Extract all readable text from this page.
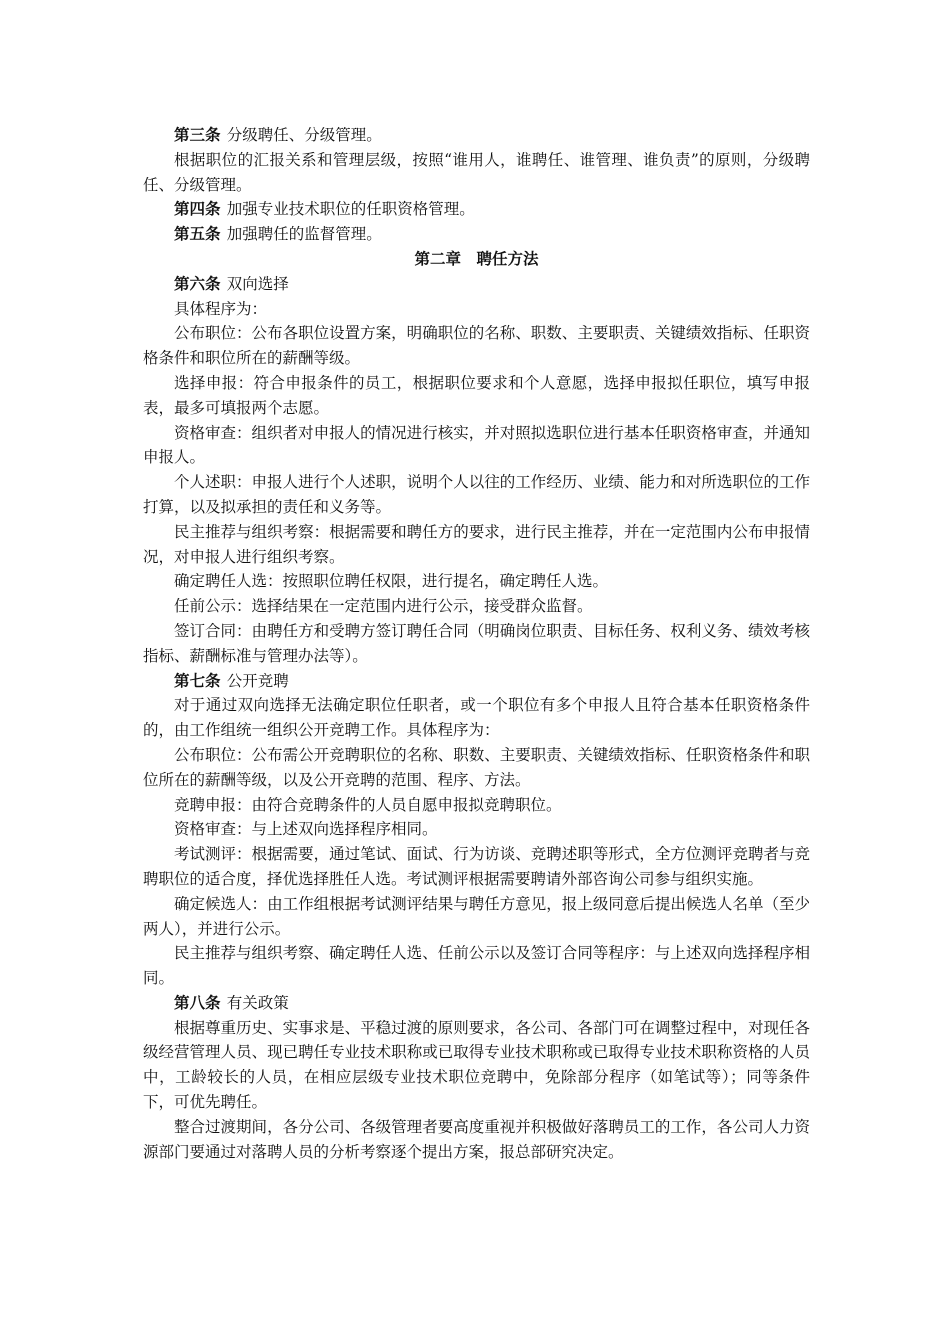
第三条 分级聘任、分级管理。

根据职位的汇报关系和管理层级，按照“谁用人，谁聘任、谁管理、谁负责”的原则，分级聘任、分级管理。

第四条 加强专业技术职位的任职资格管理。

第五条 加强聘任的监督管理。

第二章 聘任方法

第六条 双向选择

具体程序为：

公布职位：公布各职位设置方案，明确职位的名称、职数、主要职责、关键绩效指标、任职资格条件和职位所在的薪酬等级。

选择申报：符合申报条件的员工，根据职位要求和个人意愿，选择申报拟任职位，填写申报表，最多可填报两个志愿。

资格审查：组织者对申报人的情况进行核实，并对照拟选职位进行基本任职资格审查，并通知申报人。

个人述职：申报人进行个人述职，说明个人以往的工作经历、业绩、能力和对所选职位的工作打算，以及拟承担的责任和义务等。

民主推荐与组织考察：根据需要和聘任方的要求，进行民主推荐，并在一定范围内公布申报情况，对申报人进行组织考察。

确定聘任人选：按照职位聘任权限，进行提名，确定聘任人选。

任前公示：选择结果在一定范围内进行公示，接受群众监督。

签订合同：由聘任方和受聘方签订聘任合同（明确岗位职责、目标任务、权利义务、绩效考核指标、薪酬标准与管理办法等）。

第七条 公开竞聘

对于通过双向选择无法确定职位任职者，或一个职位有多个申报人且符合基本任职资格条件的，由工作组统一组织公开竞聘工作。具体程序为：

公布职位：公布需公开竞聘职位的名称、职数、主要职责、关键绩效指标、任职资格条件和职位所在的薪酬等级，以及公开竞聘的范围、程序、方法。

竞聘申报：由符合竞聘条件的人员自愿申报拟竞聘职位。

资格审查：与上述双向选择程序相同。

考试测评：根据需要，通过笔试、面试、行为访谈、竞聘述职等形式，全方位测评竞聘者与竞聘职位的适合度，择优选择胜任人选。考试测评根据需要聘请外部咨询公司参与组织实施。

确定候选人：由工作组根据考试测评结果与聘任方意见，报上级同意后提出候选人名单（至少两人），并进行公示。

民主推荐与组织考察、确定聘任人选、任前公示以及签订合同等程序：与上述双向选择程序相同。

第八条 有关政策

根据尊重历史、实事求是、平稳过渡的原则要求，各公司、各部门可在调整过程中，对现任各级经营管理人员、现已聘任专业技术职称或已取得专业技术职称或已取得专业技术职称资格的人员中，工龄较长的人员，在相应层级专业技术职位竞聘中，免除部分程序（如笔试等）；同等条件下，可优先聘任。

整合过渡期间，各分公司、各级管理者要高度重视并积极做好落聘员工的工作，各公司人力资源部门要通过对落聘人员的分析考察逐个提出方案，报总部研究决定。
